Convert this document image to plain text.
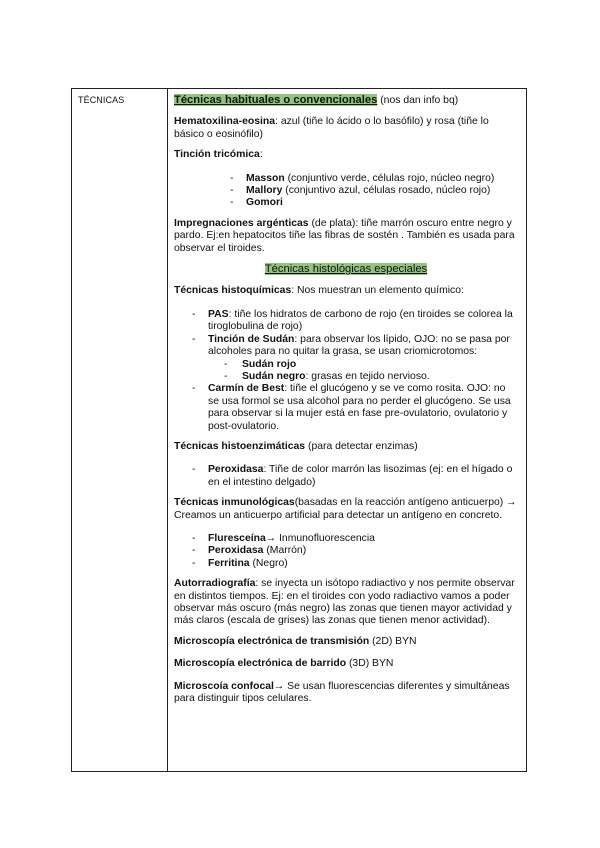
TÉCNICAS	Técnicas habituales o convencionales (nos dan info bq)

Hematoxilina-eosina: azul (tiñe lo ácido o lo basófilo) y rosa (tiñe lo básico o eosinófilo)

Tinción tricómica:

- Masson (conjuntivo verde, células rojo, núcleo negro)
- Mallory (conjuntivo azul, células rosado, núcleo rojo)
- Gomori

Impregnaciones argénticas (de plata): tiñe marrón oscuro entre negro y pardo. Ej:en hepatocitos tiñe las fibras de sostén . También es usada para observar el tiroides.

Técnicas histológicas especiales

Técnicas histoquímicas: Nos muestran un elemento químico:

- PAS: tiñe los hidratos de carbono de rojo (en tiroides se colorea la tiroglobulina de rojo)
- Tinción de Sudán: para observar los lípido, OJO: no se pasa por alcoholes para no quitar la grasa, se usan criomicrotomos:
- Sudán rojo
- Sudán negro: grasas en tejido nervioso.
- Carmín de Best: tiñe el glucógeno y se ve como rosita. OJO: no se usa formol se usa alcohol para no perder el glucógeno. Se usa para observar si la mujer está en fase pre-ovulatorio, ovulatorio y post-ovulatorio.

Técnicas histoenzimáticas (para detectar enzimas)

- Peroxidasa: Tiñe de color marrón las lisozimas (ej: en el hígado o en el intestino delgado)

Técnicas inmunológicas(basadas en la reacción antígeno anticuerpo) → Creamos un anticuerpo artificial para detectar un antígeno en concreto.

- Fluresceína→ Inmunofluorescencia
- Peroxidasa (Marrón)
- Ferritina (Negro)

Autorradiografía: se inyecta un isótopo radiactivo y nos permite observar en distintos tiempos. Ej: en el tiroides con yodo radiactivo vamos a poder observar más oscuro (más negro) las zonas que tienen mayor actividad y más claros (escala de grises) las zonas que tienen menor actividad).

Microscopía electrónica de transmisión (2D) BYN

Microscopía electrónica de barrido (3D) BYN

Microscoía confocal→ Se usan fluorescencias diferentes y simultáneas para distinguir tipos celulares.
